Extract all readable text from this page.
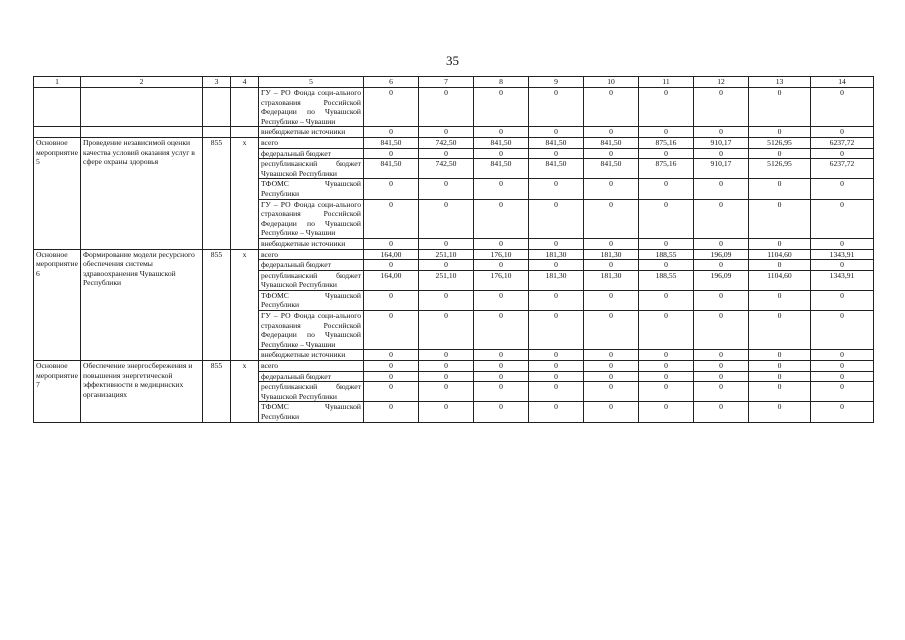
35
1	2	3	4	5	6	7	8	9	10	11	12	13	14
				ГУ – РО Фонда соци-ального страхования Российской Федерации по Чувашской Республике – Чувашии	0	0	0	0	0	0	0	0	0
				внебюджетные источники	0	0	0	0	0	0	0	0	0
Основное мероприятие 5	Проведение независимой оценки качества условий оказания услуг в сфере охраны здоровья	855	x	всего	841,50	742,50	841,50	841,50	841,50	875,16	910,17	5126,95	6237,72
				федеральный бюджет	0	0	0	0	0	0	0	0	0
				республиканский бюджет Чувашской Республики	841,50	742,50	841,50	841,50	841,50	875,16	910,17	5126,95	6237,72
				ТФОМС Чувашской Республики	0	0	0	0	0	0	0	0	0
				ГУ – РО Фонда соци-ального страхования Российской Федерации по Чувашской Республике – Чувашии	0	0	0	0	0	0	0	0	0
				внебюджетные источники	0	0	0	0	0	0	0	0	0
Основное мероприятие 6	Формирование модели ресурсного обеспечения системы здравоохранения Чувашской Республики	855	x	всего	164,00	251,10	176,10	181,30	181,30	188,55	196,09	1104,60	1343,91
				федеральный бюджет	0	0	0	0	0	0	0	0	0
				республиканский бюджет Чувашской Республики	164,00	251,10	176,10	181,30	181,30	188,55	196,09	1104,60	1343,91
				ТФОМС Чувашской Республики	0	0	0	0	0	0	0	0	0
				ГУ – РО Фонда соци-ального страхования Российской Федерации по Чувашской Республике – Чувашии	0	0	0	0	0	0	0	0	0
				внебюджетные источники	0	0	0	0	0	0	0	0	0
Основное мероприятие 7	Обеспечение энергосбережения и повышения энергетической эффективности в медицинских организациях	855	x	всего	0	0	0	0	0	0	0	0	0
				федеральный бюджет	0	0	0	0	0	0	0	0	0
				республиканский бюджет Чувашской Республики	0	0	0	0	0	0	0	0	0
				ТФОМС Чувашской Республики	0	0	0	0	0	0	0	0	0
